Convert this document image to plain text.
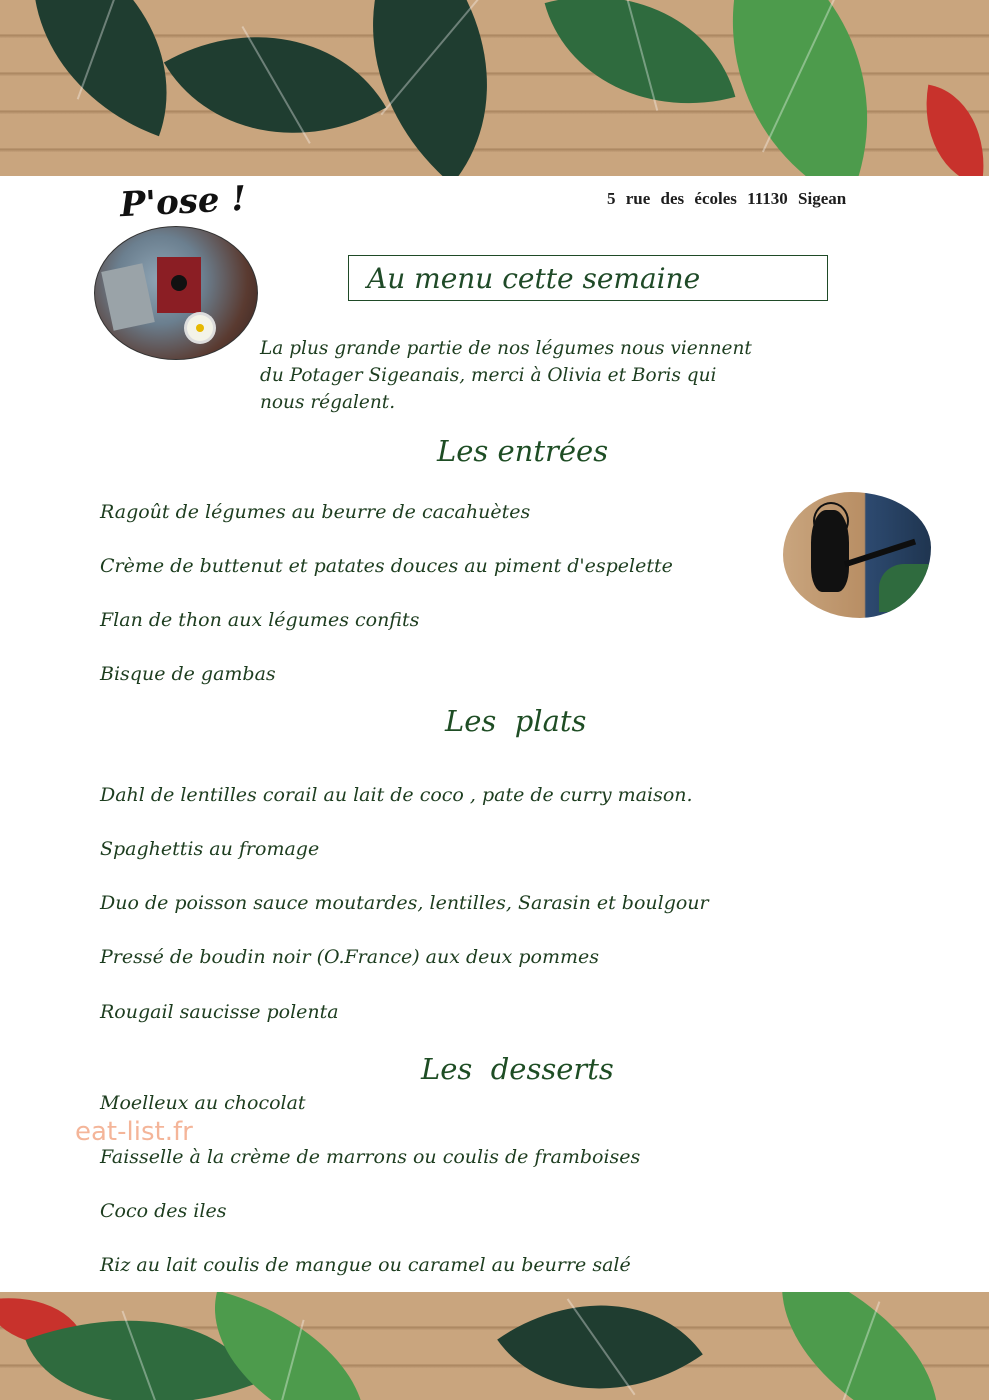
5 rue des écoles 11130 Sigean
P'ose !
Au menu cette semaine
La plus grande partie de nos légumes nous viennent
du Potager Sigeanais, merci à Olivia et Boris qui
nous régalent.
Les entrées
Ragoût de légumes au beurre de cacahuètes
Crème de buttenut et patates douces au piment d'espelette
Flan de thon aux légumes confits
Bisque de gambas
Les  plats
Dahl de lentilles corail au lait de coco , pate de curry maison.
Spaghettis au fromage
Duo de poisson sauce moutardes, lentilles, Sarasin et boulgour
Pressé de boudin noir (O.France) aux deux pommes
Rougail saucisse polenta
Les  desserts
Moelleux au chocolat
Faisselle à la crème de marrons ou coulis de framboises
Coco des iles
Riz au lait coulis de mangue ou caramel au beurre salé
eat-list.fr
